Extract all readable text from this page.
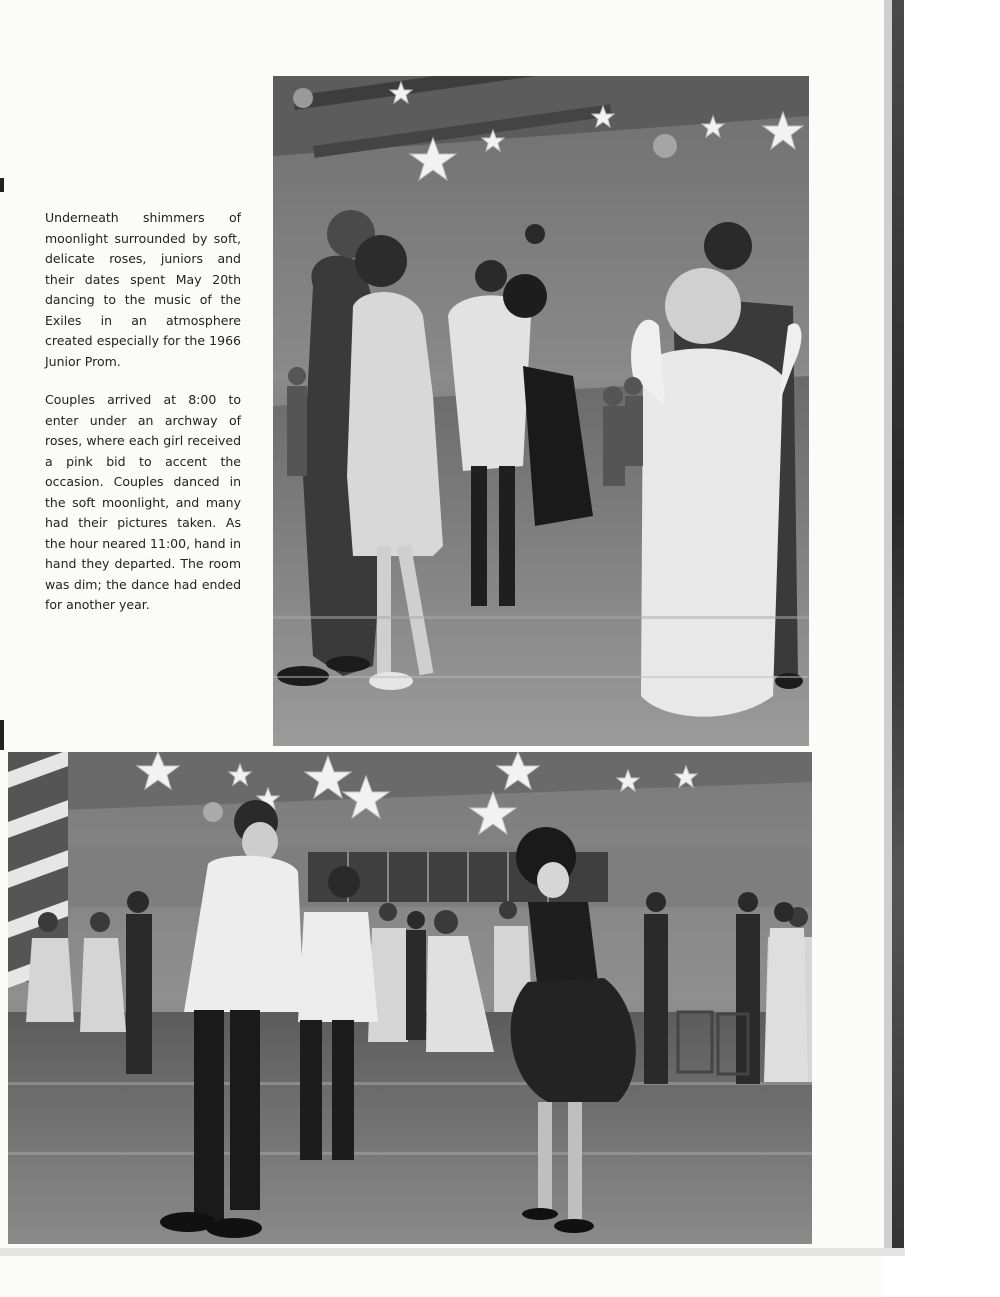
Underneath shimmers of moonlight surrounded by soft, delicate roses, juniors and their dates spent May 20th dancing to the music of the Exiles in an atmosphere created especially for the 1966 Junior Prom.

Couples arrived at 8:00 to enter under an archway of roses, where each girl received a pink bid to accent the occasion. Couples danced in the soft moonlight, and many had their pictures taken. As the hour neared 11:00, hand in hand they departed. The room was dim; the dance had ended for another year.
